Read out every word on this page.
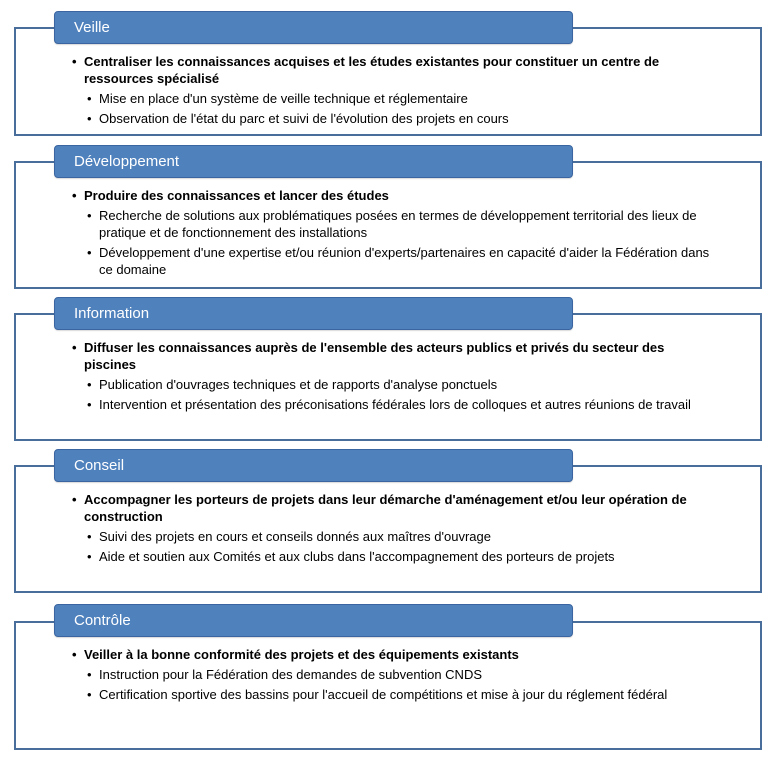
Veille
• Centraliser les connaissances acquises et les études existantes pour constituer un centre de ressources spécialisé
• Mise en place d'un système de veille technique et réglementaire
• Observation de l'état du parc et suivi de l'évolution des projets en cours
Développement
• Produire des connaissances et lancer des études
• Recherche de solutions aux problématiques posées en termes de développement territorial des lieux de pratique et de fonctionnement des installations
• Développement d'une expertise et/ou réunion d'experts/partenaires en capacité d'aider la Fédération dans ce domaine
Information
• Diffuser les connaissances auprès de l'ensemble des acteurs publics et privés du secteur des piscines
• Publication d'ouvrages techniques et de rapports d'analyse ponctuels
• Intervention et présentation des préconisations fédérales lors de colloques et autres réunions de travail
Conseil
• Accompagner les porteurs de projets dans leur démarche d'aménagement et/ou leur opération de construction
• Suivi des projets en cours et conseils donnés aux maîtres d'ouvrage
• Aide et soutien aux Comités et aux clubs dans l'accompagnement des porteurs de projets
Contrôle
• Veiller à la bonne conformité des projets et des équipements existants
• Instruction pour la Fédération des demandes de subvention CNDS
• Certification sportive des bassins pour l'accueil de compétitions et mise à jour du réglement fédéral
